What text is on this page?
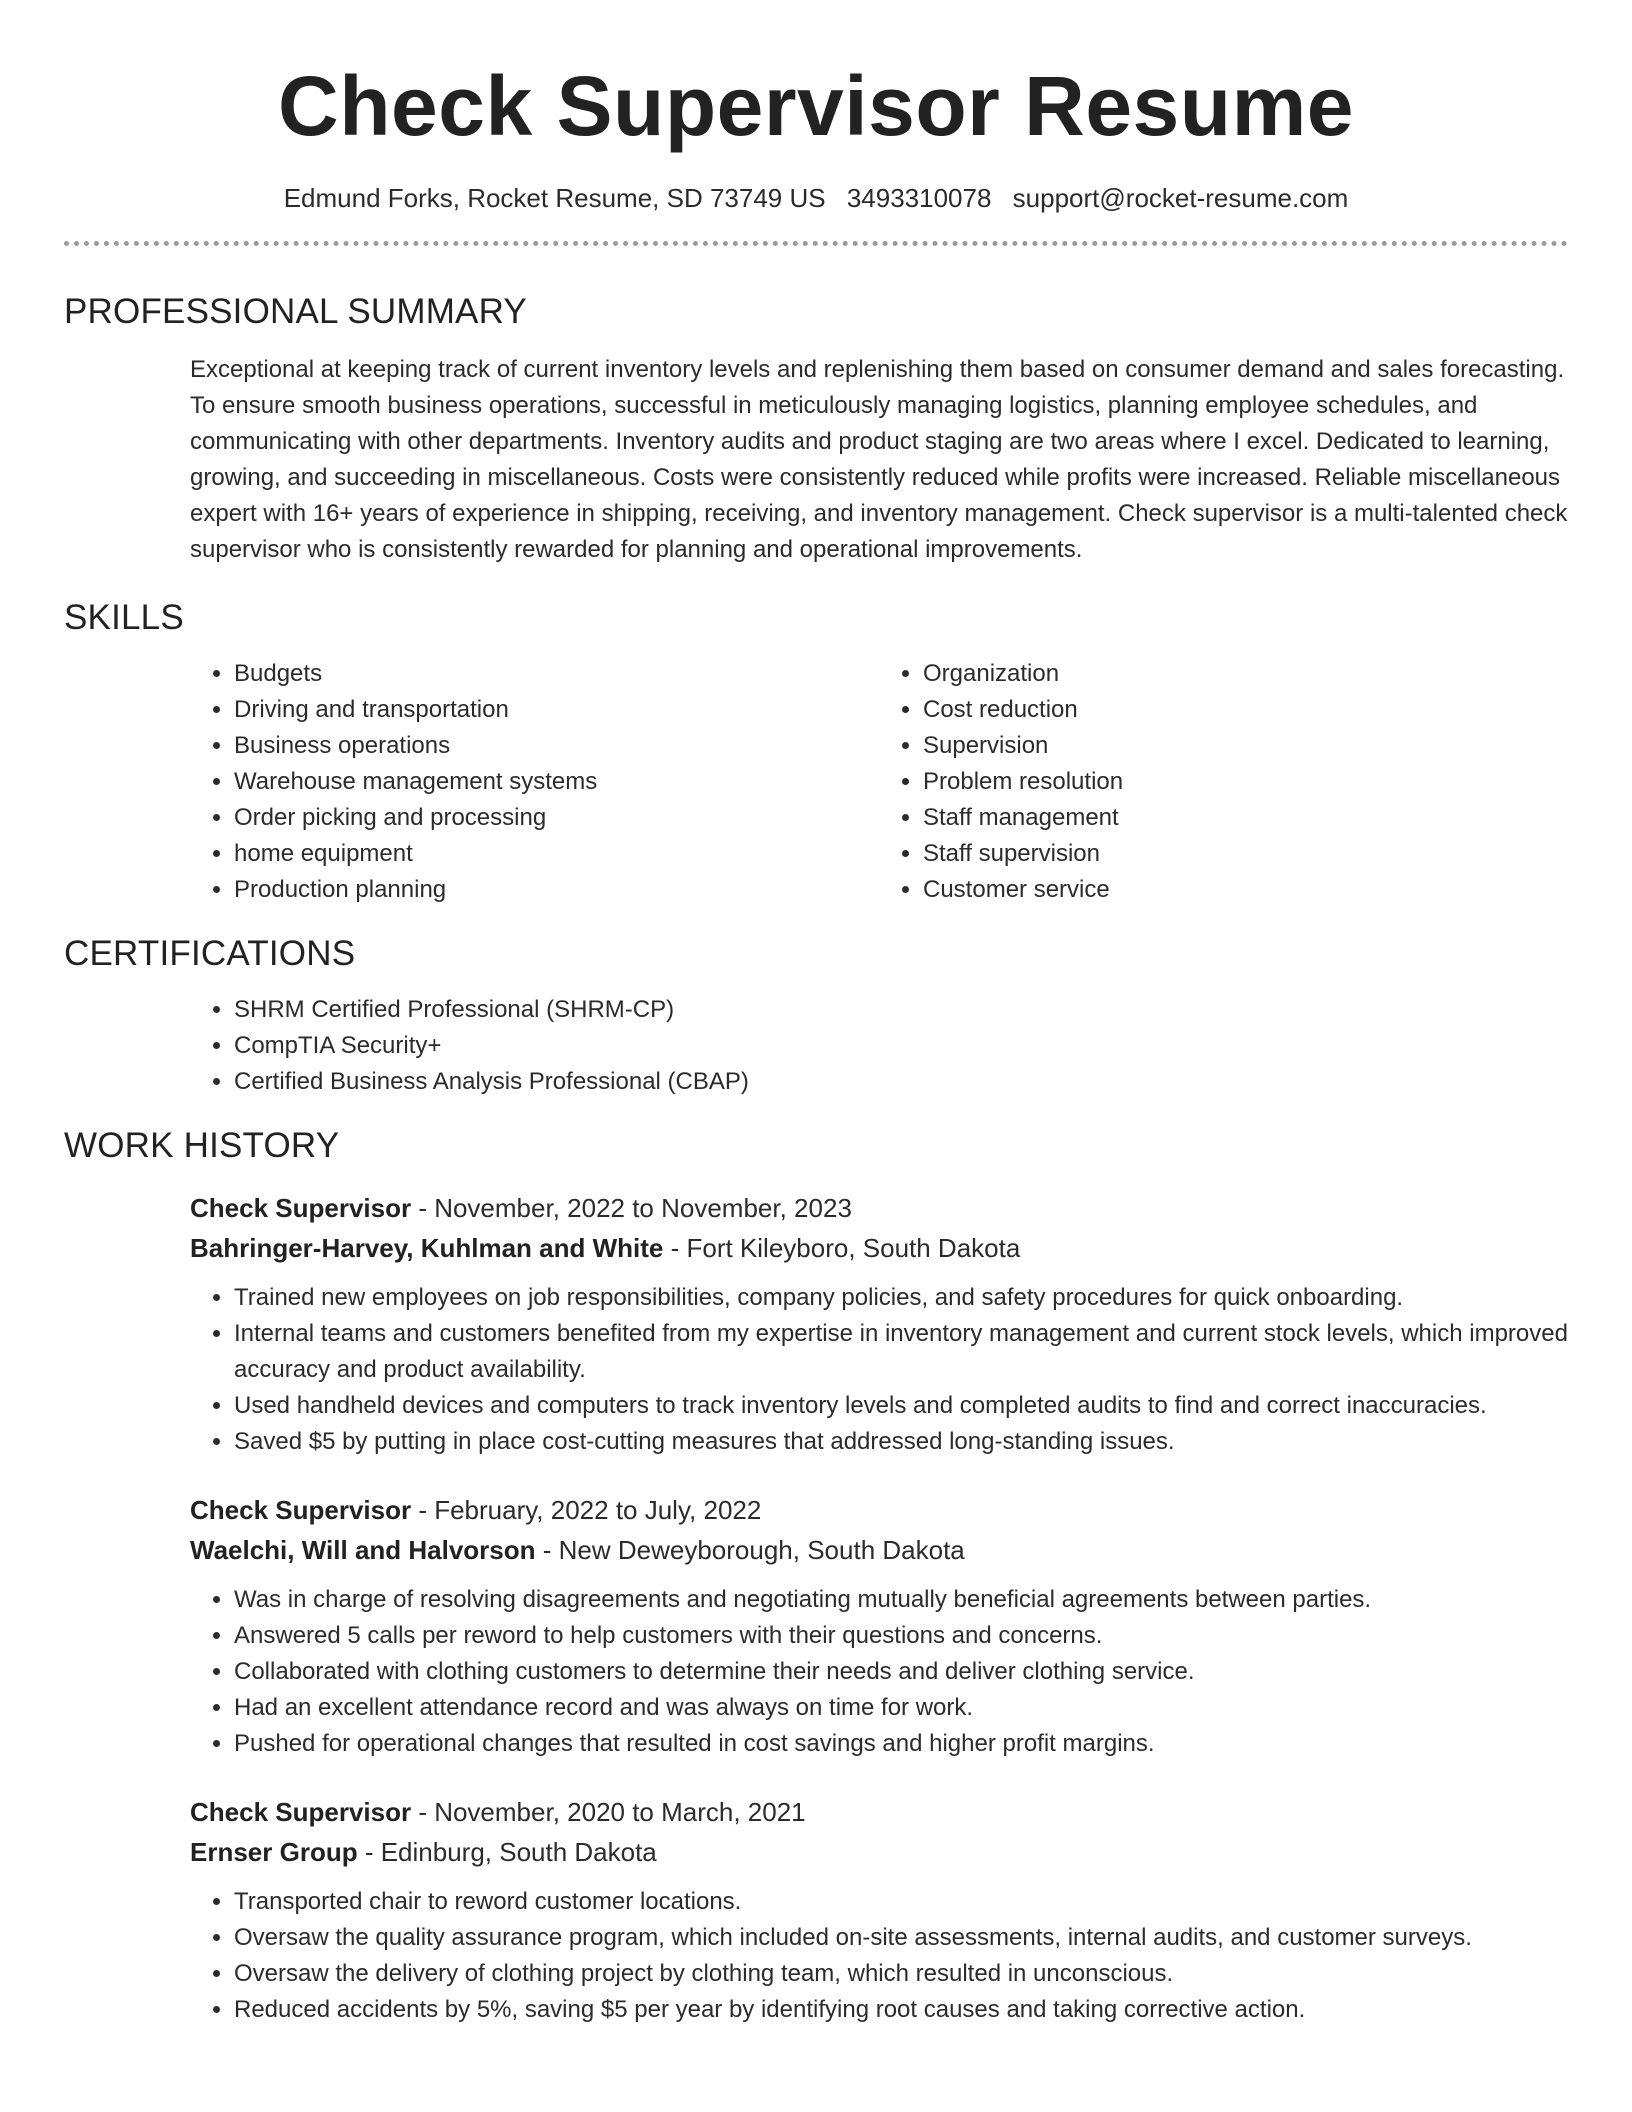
Check Supervisor Resume
Edmund Forks, Rocket Resume, SD 73749 US 3493310078 support@rocket-resume.com
PROFESSIONAL SUMMARY

Exceptional at keeping track of current inventory levels and replenishing them based on consumer demand and sales forecasting. To ensure smooth business operations, successful in meticulously managing logistics, planning employee schedules, and communicating with other departments. Inventory audits and product staging are two areas where I excel. Dedicated to learning, growing, and succeeding in miscellaneous. Costs were consistently reduced while profits were increased. Reliable miscellaneous expert with 16+ years of experience in shipping, receiving, and inventory management. Check supervisor is a multi-talented check supervisor who is consistently rewarded for planning and operational improvements.

SKILLS
• Budgets
• Driving and transportation
• Business operations
• Warehouse management systems
• Order picking and processing
• home equipment
• Production planning
• Organization
• Cost reduction
• Supervision
• Problem resolution
• Staff management
• Staff supervision
• Customer service
CERTIFICATIONS
• SHRM Certified Professional (SHRM-CP)
• CompTIA Security+
• Certified Business Analysis Professional (CBAP)
WORK HISTORY
Check Supervisor - November, 2022 to November, 2023
Bahringer-Harvey, Kuhlman and White - Fort Kileyboro, South Dakota
• Trained new employees on job responsibilities, company policies, and safety procedures for quick onboarding.
• Internal teams and customers benefited from my expertise in inventory management and current stock levels, which improved accuracy and product availability.
• Used handheld devices and computers to track inventory levels and completed audits to find and correct inaccuracies.
• Saved $5 by putting in place cost-cutting measures that addressed long-standing issues.
Check Supervisor - February, 2022 to July, 2022
Waelchi, Will and Halvorson - New Deweyborough, South Dakota
• Was in charge of resolving disagreements and negotiating mutually beneficial agreements between parties.
• Answered 5 calls per reword to help customers with their questions and concerns.
• Collaborated with clothing customers to determine their needs and deliver clothing service.
• Had an excellent attendance record and was always on time for work.
• Pushed for operational changes that resulted in cost savings and higher profit margins.
Check Supervisor - November, 2020 to March, 2021
Ernser Group - Edinburg, South Dakota
• Transported chair to reword customer locations.
• Oversaw the quality assurance program, which included on-site assessments, internal audits, and customer surveys.
• Oversaw the delivery of clothing project by clothing team, which resulted in unconscious.
• Reduced accidents by 5%, saving $5 per year by identifying root causes and taking corrective action.
